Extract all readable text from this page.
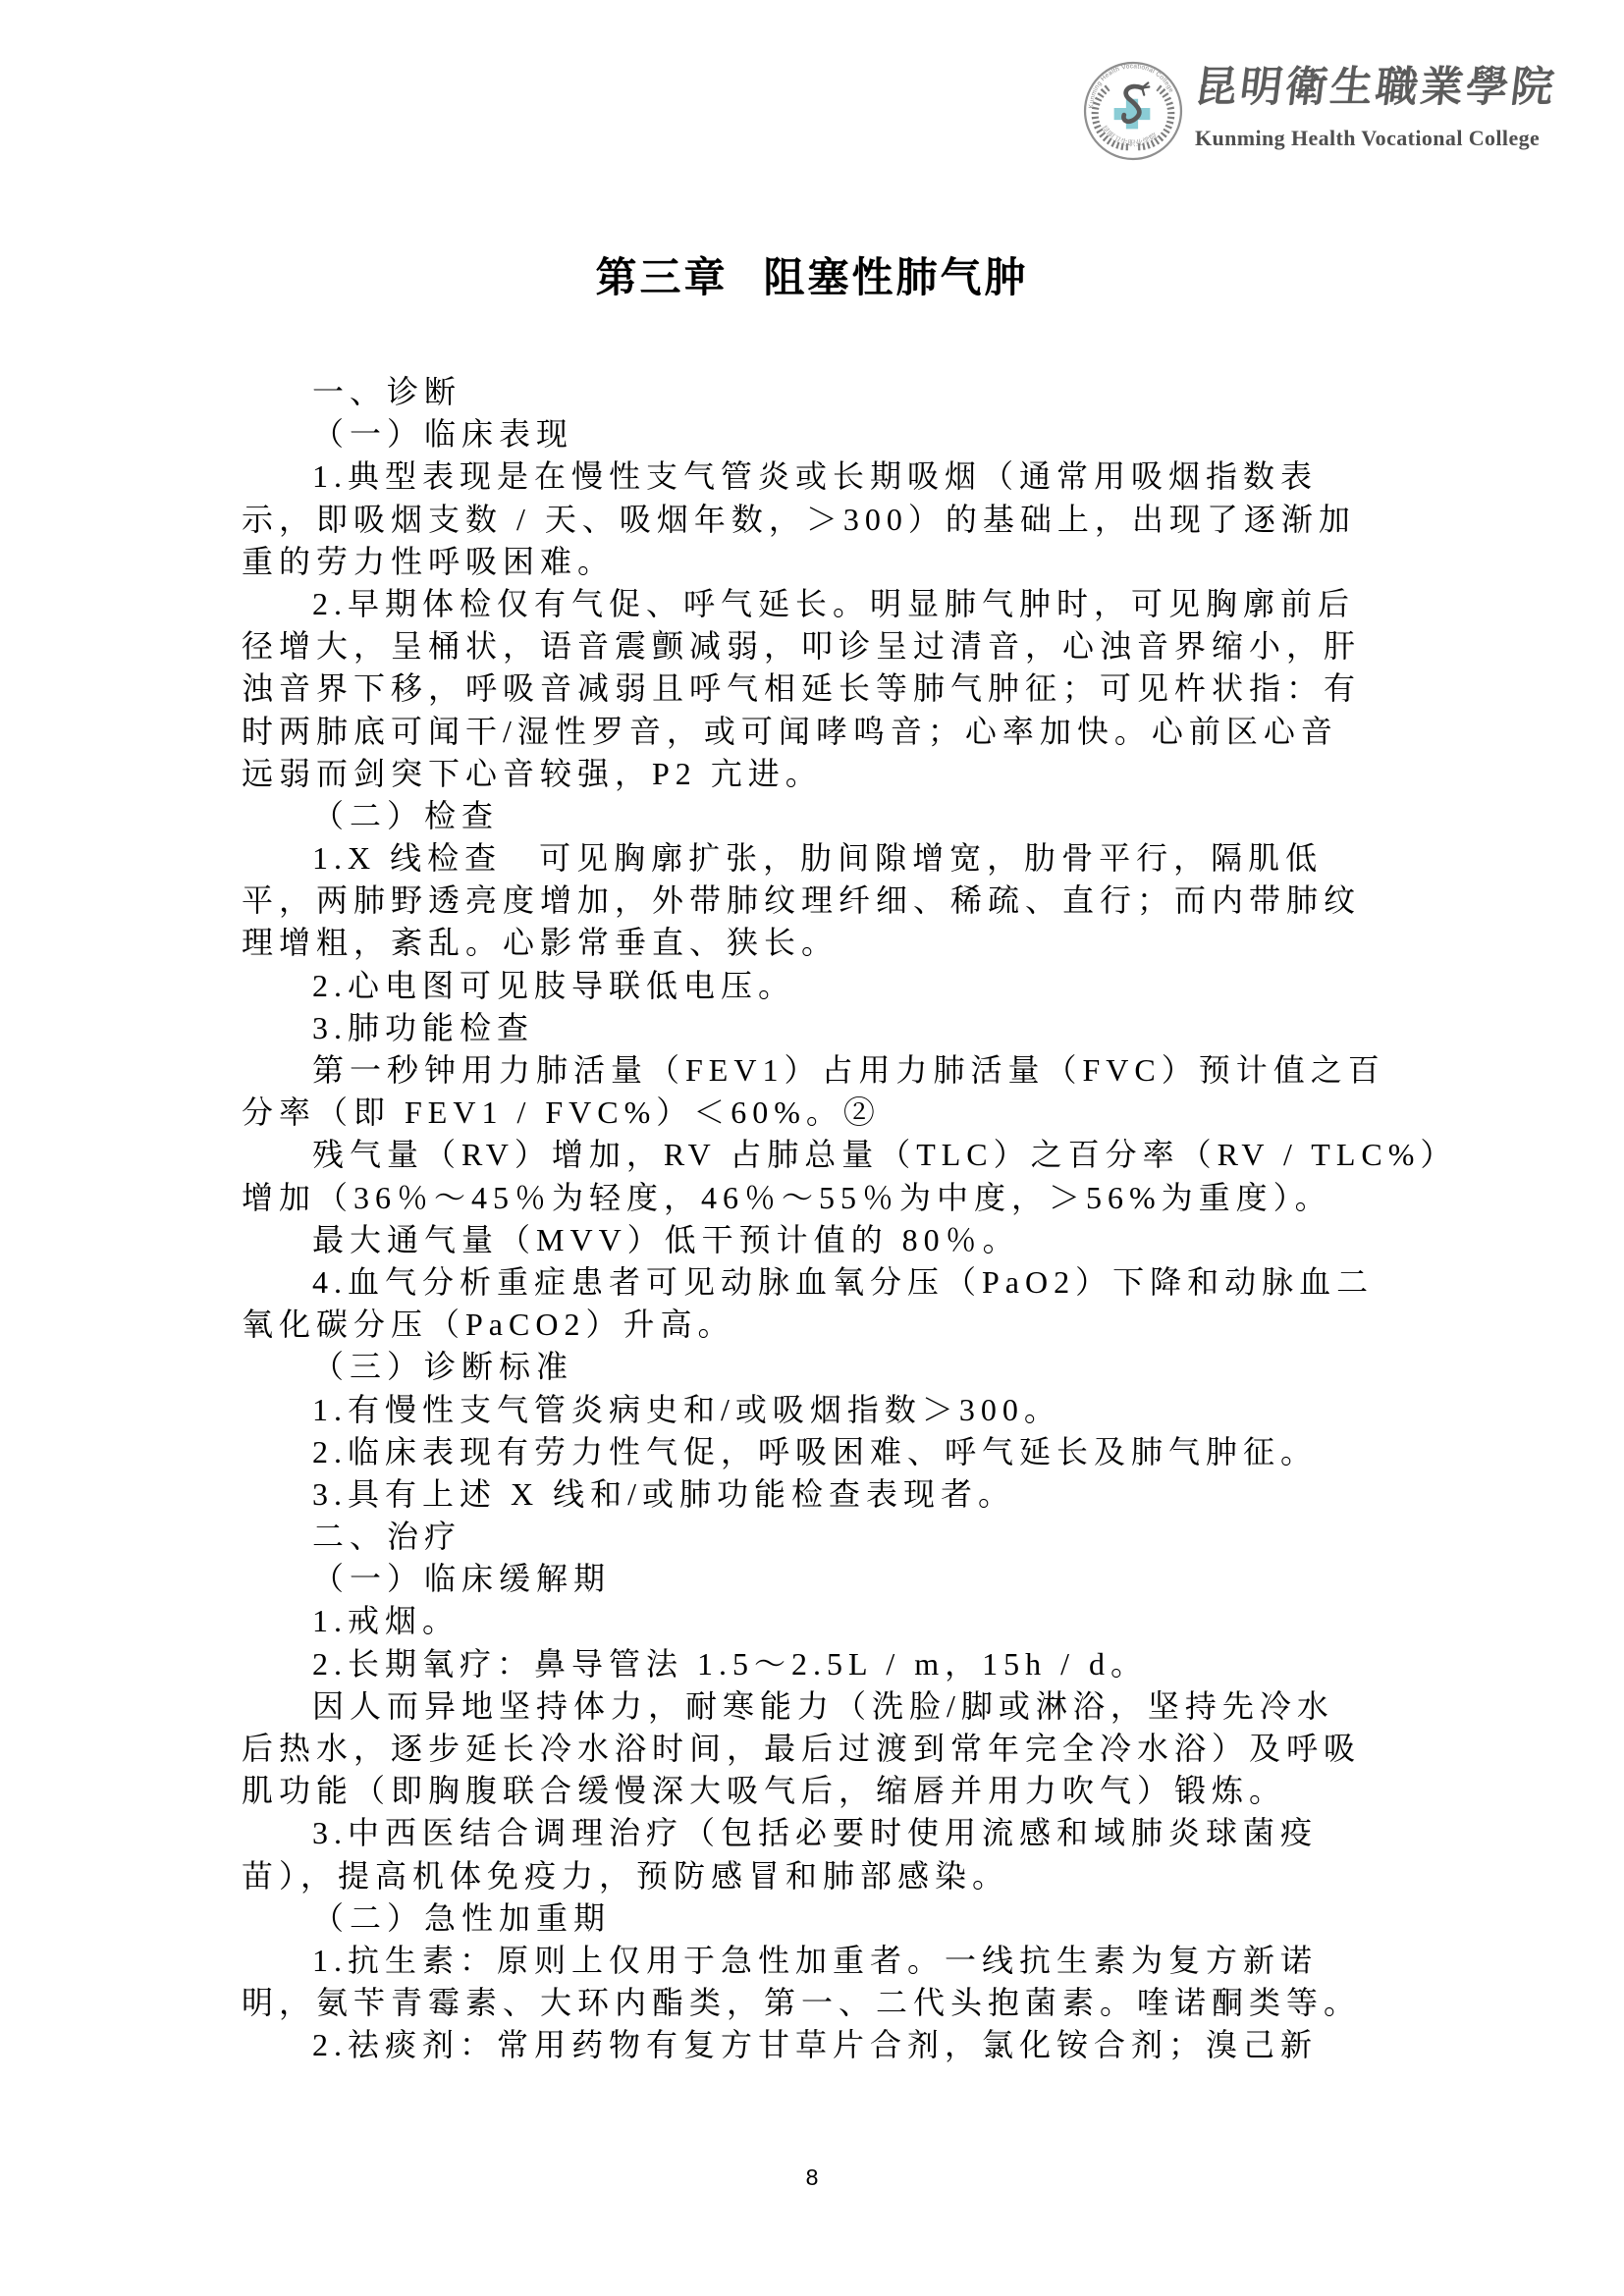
Kunming Health Vocational College
昆明卫生职业学院
昆明衛生職業學院
Kunming Health Vocational College
第三章 阻塞性肺气肿
一、诊断
（一）临床表现
1.典型表现是在慢性支气管炎或长期吸烟（通常用吸烟指数表
示，即吸烟支数 / 天、吸烟年数，＞300）的基础上，出现了逐渐加
重的劳力性呼吸困难。
2.早期体检仅有气促、呼气延长。明显肺气肿时，可见胸廓前后
径增大，呈桶状，语音震颤减弱，叩诊呈过清音，心浊音界缩小，肝
浊音界下移，呼吸音减弱且呼气相延长等肺气肿征；可见杵状指：有
时两肺底可闻干/湿性罗音，或可闻哮鸣音；心率加快。心前区心音
远弱而剑突下心音较强，P2 亢进。
（二）检查
1.X 线检查　可见胸廓扩张，肋间隙增宽，肋骨平行，隔肌低
平，两肺野透亮度增加，外带肺纹理纤细、稀疏、直行；而内带肺纹
理增粗，紊乱。心影常垂直、狭长。
2.心电图可见肢导联低电压。
3.肺功能检查
第一秒钟用力肺活量（FEV1）占用力肺活量（FVC）预计值之百
分率（即 FEV1 / FVC%）＜60%。②
残气量（RV）增加，RV 占肺总量（TLC）之百分率（RV / TLC%）
增加（36％～45％为轻度，46％～55％为中度，＞56%为重度）。
最大通气量（MVV）低干预计值的 80％。
4.血气分析重症患者可见动脉血氧分压（PaO2）下降和动脉血二
氧化碳分压（PaCO2）升高。
（三）诊断标准
1.有慢性支气管炎病史和/或吸烟指数＞300。
2.临床表现有劳力性气促，呼吸困难、呼气延长及肺气肿征。
3.具有上述 X 线和/或肺功能检查表现者。
二、治疗
（一）临床缓解期
1.戒烟。
2.长期氧疗：鼻导管法 1.5～2.5L / m，15h / d。
因人而异地坚持体力，耐寒能力（洗脸/脚或淋浴，坚持先冷水
后热水，逐步延长冷水浴时间，最后过渡到常年完全冷水浴）及呼吸
肌功能（即胸腹联合缓慢深大吸气后，缩唇并用力吹气）锻炼。
3.中西医结合调理治疗（包括必要时使用流感和域肺炎球菌疫
苗），提高机体免疫力，预防感冒和肺部感染。
（二）急性加重期
1.抗生素：原则上仅用于急性加重者。一线抗生素为复方新诺
明，氨苄青霉素、大环内酯类，第一、二代头抱菌素。喹诺酮类等。
2.祛痰剂：常用药物有复方甘草片合剂，氯化铵合剂；溴己新
8
